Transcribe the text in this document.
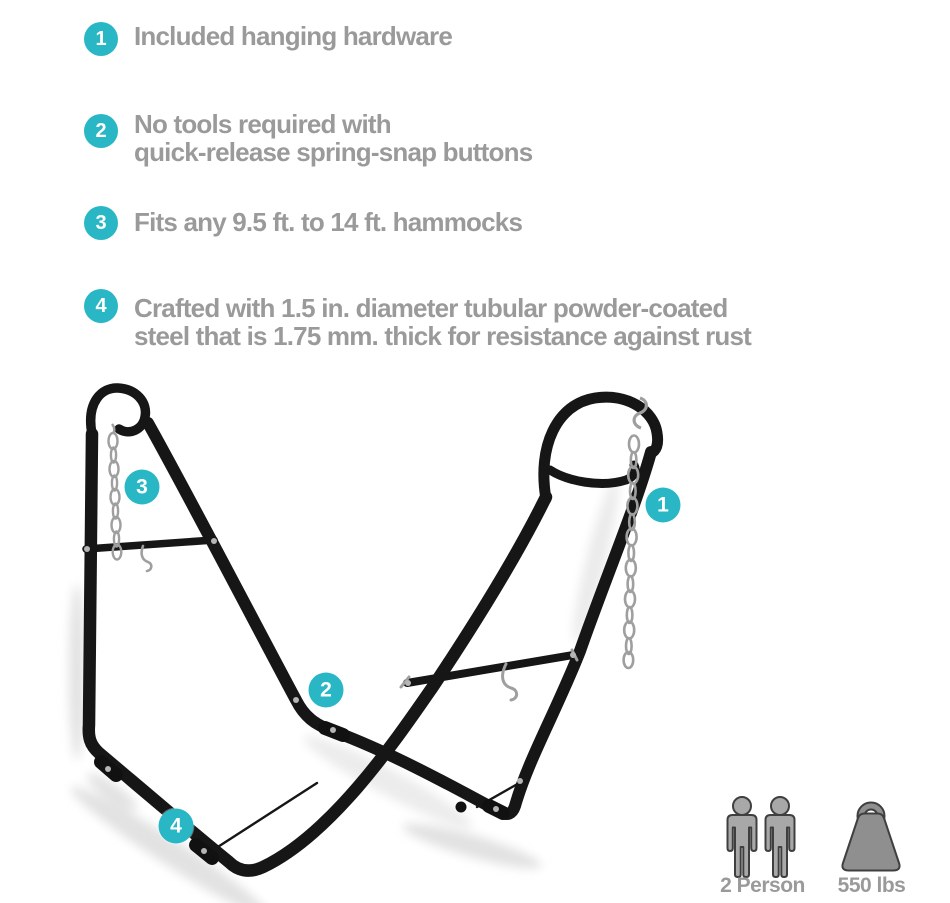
1	Included hanging hardware
2	No tools required with
quick-release spring-snap buttons
3	Fits any 9.5 ft. to 14 ft. hammocks
4	Crafted with 1.5 in. diameter tubular powder-coated
steel that is 1.75 mm. thick for resistance against rust
1
2
3
4
2 Person	550 lbs
